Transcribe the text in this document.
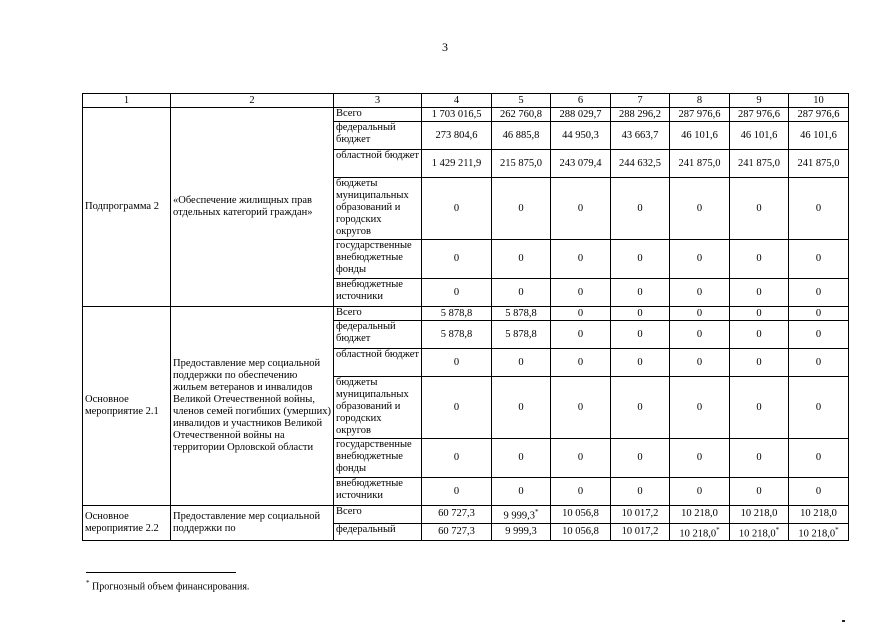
3
1	2	3	4	5	6	7	8	9	10
Подпрограмма 2	«Обеспечение жилищных прав отдельных категорий граждан»	Всего	1 703 016,5	262 760,8	288 029,7	288 296,2	287 976,6	287 976,6	287 976,6
		федеральный бюджет	273 804,6	46 885,8	44 950,3	43 663,7	46 101,6	46 101,6	46 101,6
		областной бюджет	1 429 211,9	215 875,0	243 079,4	244 632,5	241 875,0	241 875,0	241 875,0
		бюджеты муниципальных образований и городских округов	0	0	0	0	0	0	0
		государственные внебюджетные фонды	0	0	0	0	0	0	0
		внебюджетные источники	0	0	0	0	0	0	0
Основное мероприятие 2.1	Предоставление мер социальной поддержки по обеспечению жильем ветеранов и инвалидов Великой Отечественной войны, членов семей погибших (умерших) инвалидов и участников Великой Отечественной войны на территории Орловской области	Всего	5 878,8	5 878,8	0	0	0	0	0
		федеральный бюджет	5 878,8	5 878,8	0	0	0	0	0
		областной бюджет	0	0	0	0	0	0	0
		бюджеты муниципальных образований и городских округов	0	0	0	0	0	0	0
		государственные внебюджетные фонды	0	0	0	0	0	0	0
		внебюджетные источники	0	0	0	0	0	0	0
Основное мероприятие 2.2	Предоставление мер социальной поддержки по	Всего	60 727,3	9 999,3*	10 056,8	10 017,2	10 218,0	10 218,0	10 218,0
		федеральный	60 727,3	9 999,3	10 056,8	10 017,2	10 218,0*	10 218,0*	10 218,0*
* Прогнозный объем финансирования.
